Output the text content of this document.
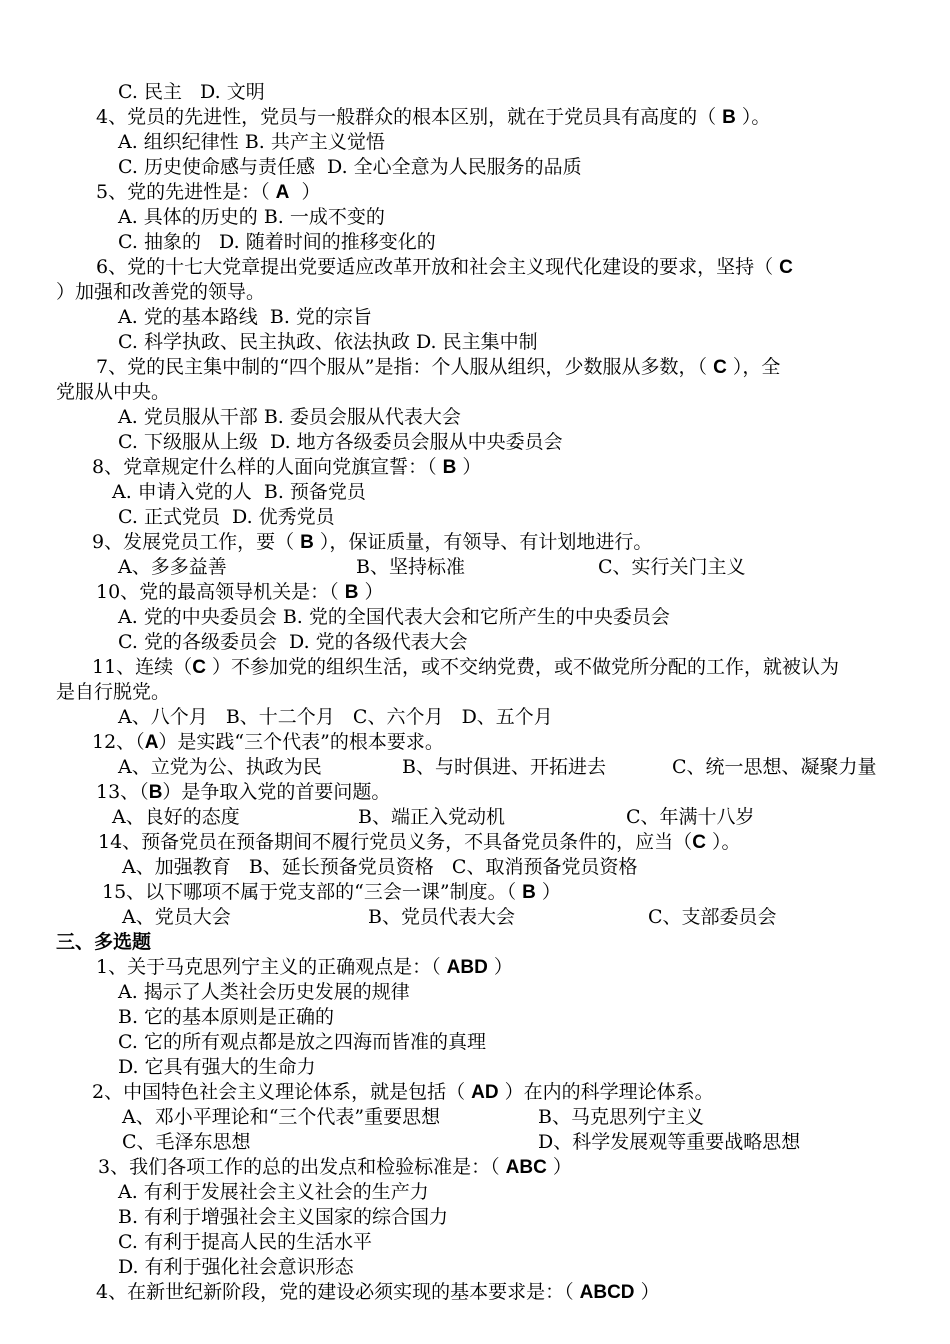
C. 民主   D. 文明
4、党员的先进性，党员与一般群众的根本区别，就在于党员具有高度的（ B ）。
A. 组织纪律性 B. 共产主义觉悟
C. 历史使命感与责任感  D. 全心全意为人民服务的品质
5、党的先进性是：（ A  ）
A. 具体的历史的 B. 一成不变的
C. 抽象的   D. 随着时间的推移变化的
6、党的十七大党章提出党要适应改革开放和社会主义现代化建设的要求，坚持（ C
）加强和改善党的领导。
A. 党的基本路线  B. 党的宗旨
C. 科学执政、民主执政、依法执政 D. 民主集中制
7、党的民主集中制的“四个服从”是指：个人服从组织，少数服从多数，（ C ），全
党服从中央。
A. 党员服从干部 B. 委员会服从代表大会
C. 下级服从上级  D. 地方各级委员会服从中央委员会
8、党章规定什么样的人面向党旗宣誓：（ B ）
A. 申请入党的人  B. 预备党员
C. 正式党员  D. 优秀党员
9、发展党员工作，要（ B ），保证质量，有领导、有计划地进行。
A、多多益善	B、坚持标准	C、实行关门主义
10、党的最高领导机关是：（ B ）
A. 党的中央委员会 B. 党的全国代表大会和它所产生的中央委员会
C. 党的各级委员会  D. 党的各级代表大会
11、连续（C ）不参加党的组织生活，或不交纳党费，或不做党所分配的工作，就被认为
是自行脱党。
A、八个月   B、十二个月   C、六个月   D、五个月
12、（A）是实践“三个代表”的根本要求。
A、立党为公、执政为民	B、与时俱进、开拓进去	C、统一思想、凝聚力量
13、（B）是争取入党的首要问题。
A、良好的态度	B、端正入党动机	C、年满十八岁
14、预备党员在预备期间不履行党员义务，不具备党员条件的，应当（C ）。
A、加强教育   B、延长预备党员资格   C、取消预备党员资格
15、以下哪项不属于党支部的“三会一课”制度。（ B ）
A、党员大会	B、党员代表大会	C、支部委员会
三、多选题
1、关于马克思列宁主义的正确观点是：（ ABD ）
A. 揭示了人类社会历史发展的规律
B. 它的基本原则是正确的
C. 它的所有观点都是放之四海而皆准的真理
D. 它具有强大的生命力
2、中国特色社会主义理论体系，就是包括（ AD ）在内的科学理论体系。
A、邓小平理论和“三个代表”重要思想	B、马克思列宁主义
C、毛泽东思想	D、科学发展观等重要战略思想
3、我们各项工作的总的出发点和检验标准是：（ ABC ）
A. 有利于发展社会主义社会的生产力
B. 有利于增强社会主义国家的综合国力
C. 有利于提高人民的生活水平
D. 有利于强化社会意识形态
4、在新世纪新阶段，党的建设必须实现的基本要求是：（ ABCD ）
